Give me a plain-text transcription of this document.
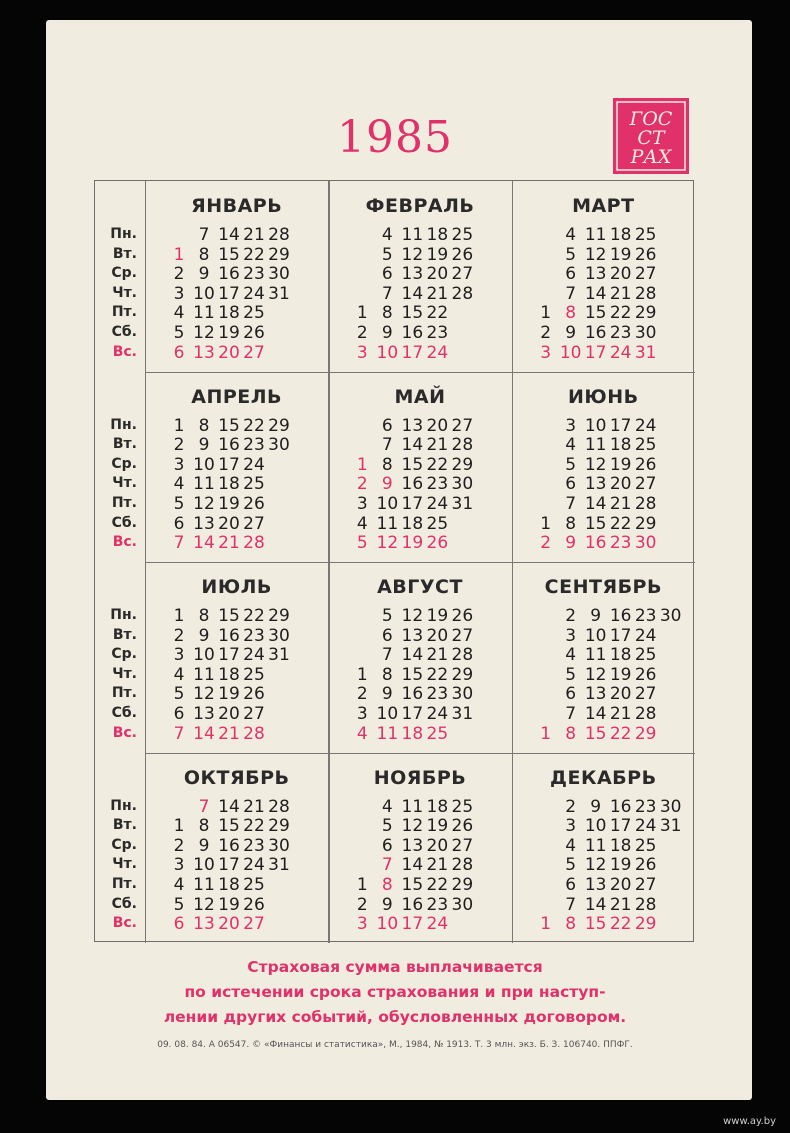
1985	ГОС
СТ
РАХ
Пн.
Вт.
Ср.
Чт.
Пт.
Сб.
Вс.
ЯНВАРЬ
1
2
3
4
5
6
7
8
9
10
11
12
13
14
15
16
17
18
19
20
21
22
23
24
25
26
27
28
29
30
31
ФЕВРАЛЬ
1
2
3
4
5
6
7
8
9
10
11
12
13
14
15
16
17
18
19
20
21
22
23
24
25
26
27
28
МАРТ
1
2
3
4
5
6
7
8
9
10
11
12
13
14
15
16
17
18
19
20
21
22
23
24
25
26
27
28
29
30
31
Пн.
Вт.
Ср.
Чт.
Пт.
Сб.
Вс.
АПРЕЛЬ
1
2
3
4
5
6
7
8
9
10
11
12
13
14
15
16
17
18
19
20
21
22
23
24
25
26
27
28
29
30
МАЙ
1
2
3
4
5
6
7
8
9
10
11
12
13
14
15
16
17
18
19
20
21
22
23
24
25
26
27
28
29
30
31
ИЮНЬ
1
2
3
4
5
6
7
8
9
10
11
12
13
14
15
16
17
18
19
20
21
22
23
24
25
26
27
28
29
30
Пн.
Вт.
Ср.
Чт.
Пт.
Сб.
Вс.
ИЮЛЬ
1
2
3
4
5
6
7
8
9
10
11
12
13
14
15
16
17
18
19
20
21
22
23
24
25
26
27
28
29
30
31
АВГУСТ
1
2
3
4
5
6
7
8
9
10
11
12
13
14
15
16
17
18
19
20
21
22
23
24
25
26
27
28
29
30
31
СЕНТЯБРЬ
1
2
3
4
5
6
7
8
9
10
11
12
13
14
15
16
17
18
19
20
21
22
23
24
25
26
27
28
29
30
Пн.
Вт.
Ср.
Чт.
Пт.
Сб.
Вс.
ОКТЯБРЬ
1
2
3
4
5
6
7
8
9
10
11
12
13
14
15
16
17
18
19
20
21
22
23
24
25
26
27
28
29
30
31
НОЯБРЬ
1
2
3
4
5
6
7
8
9
10
11
12
13
14
15
16
17
18
19
20
21
22
23
24
25
26
27
28
29
30
ДЕКАБРЬ
1
2
3
4
5
6
7
8
9
10
11
12
13
14
15
16
17
18
19
20
21
22
23
24
25
26
27
28
29
30
31
Страховая сумма выплачивается
по истечении срока страхования и при наступ-
лении других событий, обусловленных договором.
09. 08. 84. А 06547. © «Финансы и статистика», М., 1984, № 1913. Т. 3 млн. экз. Б. З. 106740. ППФГ.
www.ay.by
